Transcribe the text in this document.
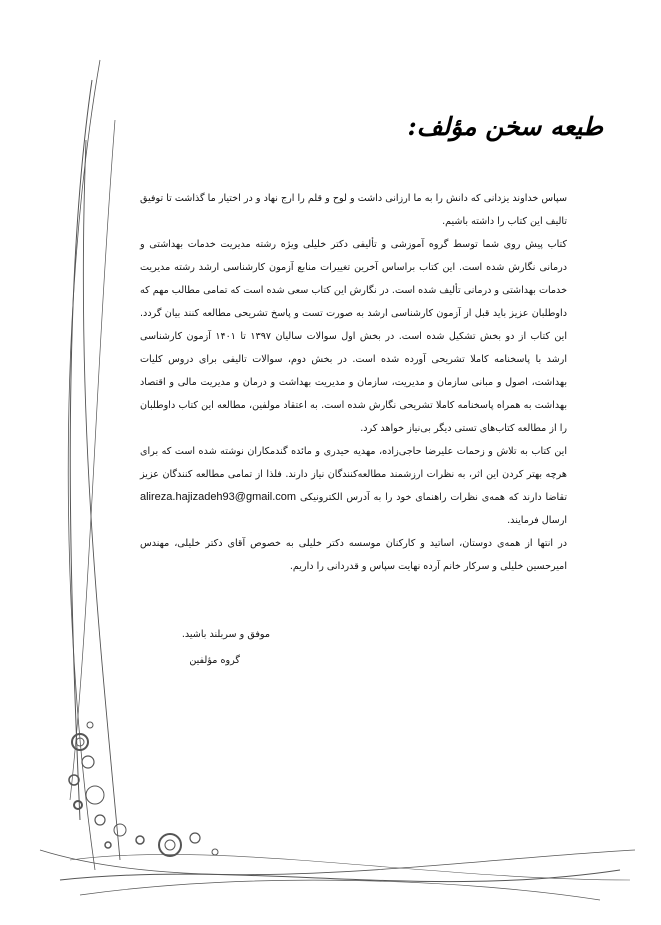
طیعه سخن مؤلف:

سپاس خداوند یزدانی که دانش را به ما ارزانی داشت و لوح و قلم را ارج نهاد و در اختیار ما گذاشت تا توفیق تالیف این کتاب را داشته باشیم.

کتاب پیش روی شما توسط گروه آموزشی و تألیفی دکتر خلیلی ویژه رشته مدیریت خدمات بهداشتی و درمانی نگارش شده است. این کتاب براساس آخرین تغییرات منابع آزمون کارشناسی ارشد رشته مدیریت خدمات بهداشتی و درمانی تألیف شده است. در نگارش این کتاب سعی شده است که تمامی مطالب مهم که داوطلبان عزیز باید قبل از آزمون کارشناسی ارشد به صورت تست و پاسخ تشریحی مطالعه کنند بیان گردد. این کتاب از دو بخش تشکیل شده است. در بخش اول سوالات سالیان ۱۳۹۷ تا ۱۴۰۱ آزمون کارشناسی ارشد با پاسخنامه کاملا تشریحی آورده شده است. در بخش دوم، سوالات تالیفی برای دروس کلیات بهداشت، اصول و مبانی سازمان و مدیریت، سازمان و مدیریت بهداشت و درمان و مدیریت مالی و اقتصاد بهداشت به همراه پاسخنامه کاملا تشریحی نگارش شده است. به اعتقاد مولفین، مطالعه این کتاب داوطلبان را از مطالعه کتاب‌های تستی دیگر بی‌نیاز خواهد کرد.

این کتاب به تلاش و زحمات علیرضا حاجی‌زاده، مهدیه حیدری و مائده گندمکاران نوشته شده است که برای هرچه بهتر کردن این اثر، به نظرات ارزشمند مطالعه‌کنندگان نیاز دارند. فلذا از تمامی مطالعه کنندگان عزیز تقاضا دارند که همه‌ی نظرات راهنمای خود را به آدرس الکترونیکی alireza.hajizadeh93@gmail.com ارسال فرمایند.

در انتها از همه‌ی دوستان، اساتید و کارکنان موسسه دکتر خلیلی به خصوص آقای دکتر خلیلی، مهندس امیرحسین خلیلی و سرکار خانم آرده نهایت سپاس و قدردانی را داریم.

موفق و سربلند باشید.
گروه مؤلفین
